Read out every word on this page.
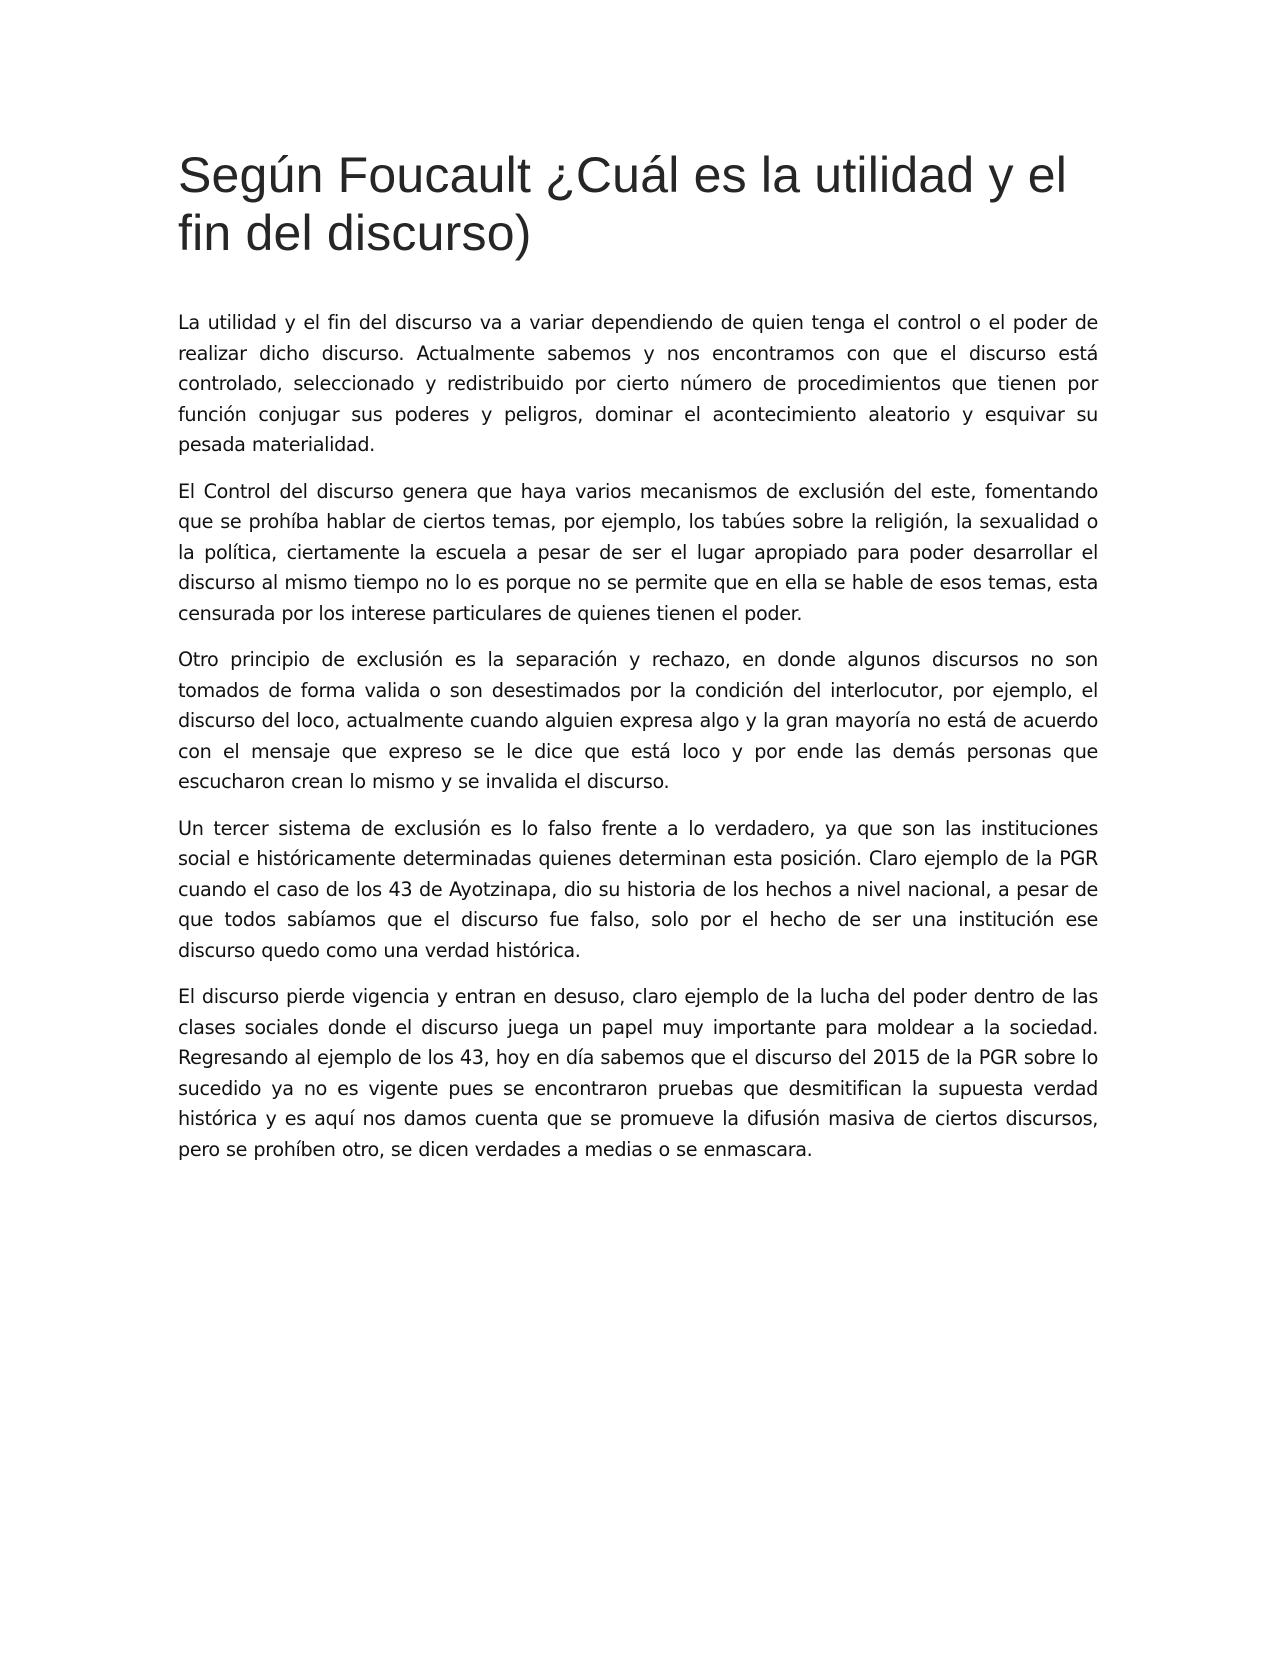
Según Foucault ¿Cuál es la utilidad y el fin del discurso)

La utilidad y el fin del discurso va a variar dependiendo de quien tenga el control o el poder de realizar dicho discurso. Actualmente sabemos y nos encontramos con que el discurso está controlado, seleccionado y redistribuido por cierto número de procedimientos que tienen por función conjugar sus poderes y peligros, dominar el acontecimiento aleatorio y esquivar su pesada materialidad.

El Control del discurso genera que haya varios mecanismos de exclusión del este, fomentando que se prohíba hablar de ciertos temas, por ejemplo, los tabúes sobre la religión, la sexualidad o la política, ciertamente la escuela a pesar de ser el lugar apropiado para poder desarrollar el discurso al mismo tiempo no lo es porque no se permite que en ella se hable de esos temas, esta censurada por los interese particulares de quienes tienen el poder.

Otro principio de exclusión es la separación y rechazo, en donde algunos discursos no son tomados de forma valida o son desestimados por la condición del interlocutor, por ejemplo, el discurso del loco, actualmente cuando alguien expresa algo y la gran mayoría no está de acuerdo con el mensaje que expreso se le dice que está loco y por ende las demás personas que escucharon crean lo mismo y se invalida el discurso.

Un tercer sistema de exclusión es lo falso frente a lo verdadero, ya que son las instituciones social e históricamente determinadas quienes determinan esta posición. Claro ejemplo de la PGR cuando el caso de los 43 de Ayotzinapa, dio su historia de los hechos a nivel nacional, a pesar de que todos sabíamos que el discurso fue falso, solo por el hecho de ser una institución ese discurso quedo como una verdad histórica.

El discurso pierde vigencia y entran en desuso, claro ejemplo de la lucha del poder dentro de las clases sociales donde el discurso juega un papel muy importante para moldear a la sociedad. Regresando al ejemplo de los 43, hoy en día sabemos que el discurso del 2015 de la PGR sobre lo sucedido ya no es vigente pues se encontraron pruebas que desmitifican la supuesta verdad histórica y es aquí nos damos cuenta que se promueve la difusión masiva de ciertos discursos, pero se prohíben otro, se dicen verdades a medias o se enmascara.
